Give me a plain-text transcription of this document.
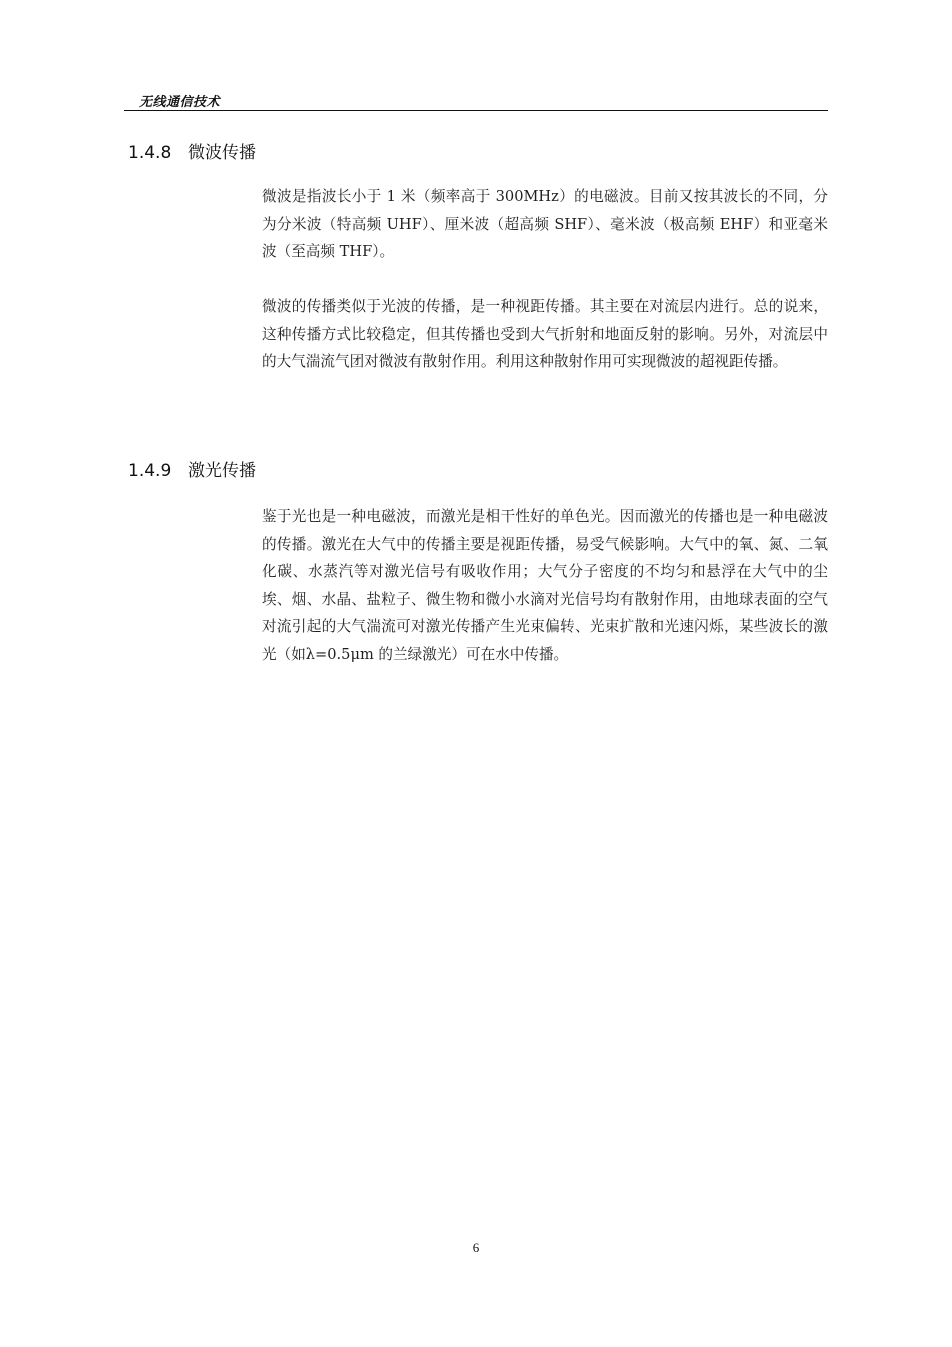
无线通信技术
1.4.8 微波传播

微波是指波长小于 1 米（频率高于 300MHz）的电磁波。目前又按其波长的不同，分为分米波（特高频 UHF）、厘米波（超高频 SHF）、毫米波（极高频 EHF）和亚毫米波（至高频 THF）。

微波的传播类似于光波的传播，是一种视距传播。其主要在对流层内进行。总的说来，这种传播方式比较稳定，但其传播也受到大气折射和地面反射的影响。另外，对流层中的大气湍流气团对微波有散射作用。利用这种散射作用可实现微波的超视距传播。

1.4.9 激光传播

鉴于光也是一种电磁波，而激光是相干性好的单色光。因而激光的传播也是一种电磁波的传播。激光在大气中的传播主要是视距传播，易受气候影响。大气中的氧、氮、二氧化碳、水蒸汽等对激光信号有吸收作用；大气分子密度的不均匀和悬浮在大气中的尘埃、烟、水晶、盐粒子、微生物和微小水滴对光信号均有散射作用，由地球表面的空气对流引起的大气湍流可对激光传播产生光束偏转、光束扩散和光速闪烁，某些波长的激光（如λ=0.5μm 的兰绿激光）可在水中传播。

6
